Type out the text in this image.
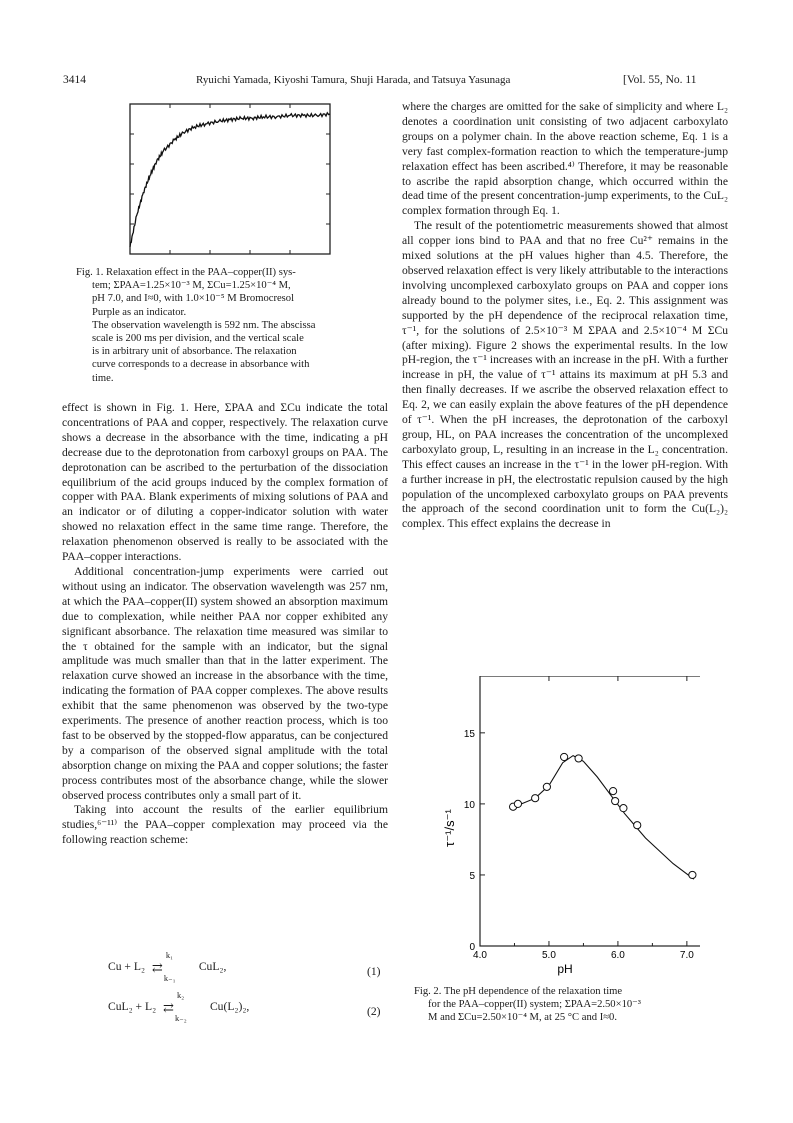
3414	Ryuichi Yamada, Kiyoshi Tamura, Shuji Harada, and Tatsuya Yasunaga	[Vol. 55, No. 11

Fig. 1. Relaxation effect in the PAA–copper(II) sys-

tem; ΣPAA=1.25×10⁻³ M, ΣCu=1.25×10⁻⁴ M,

pH 7.0, and I≈0, with 1.0×10⁻⁵ M Bromocresol

Purple as an indicator.

The observation wavelength is 592 nm. The abscissa

scale is 200 ms per division, and the vertical scale

is in arbitrary unit of absorbance. The relaxation

curve corresponds to a decrease in absorbance with

time.

effect is shown in Fig. 1. Here, ΣPAA and ΣCu indicate the total concentrations of PAA and copper, respectively. The relaxation curve shows a decrease in the absorbance with the time, indicating a pH decrease due to the deprotonation from carboxyl groups on PAA. The deprotonation can be ascribed to the perturbation of the dissociation equilibrium of the acid groups induced by the complex formation of copper with PAA. Blank experiments of mixing solutions of PAA and an indicator or of diluting a copper-indicator solution with water showed no relaxation effect in the same time range. Therefore, the relaxation phenomenon observed is really to be associated with the PAA–copper interactions.

Additional concentration-jump experiments were carried out without using an indicator. The observation wavelength was 257 nm, at which the PAA–copper(II) system showed an absorption maximum due to complexation, while neither PAA nor copper exhibited any significant absorbance. The relaxation time measured was similar to the τ obtained for the sample with an indicator, but the signal amplitude was much smaller than that in the latter experiment. The relaxation curve showed an increase in the absorbance with the time, indicating the formation of PAA copper complexes. The above results exhibit that the same phenomenon was observed by the two-type experiments. The presence of another reaction process, which is too fast to be observed by the stopped-flow apparatus, can be conjectured by a comparison of the observed signal amplitude with the total absorption change on mixing the PAA and copper solutions; the faster process contributes most of the absorbance change, while the slower observed process contributes only a small part of it.

Taking into account the results of the earlier equilibrium studies,⁶⁻¹¹⁾ the PAA–copper complexation may proceed via the following reaction scheme:

Cu + L₂
k₁
⇄
k₋₁
CuL₂,	(1)
CuL₂ + L₂
k₂
⇄
k₋₂
Cu(L₂)₂,	(2)

where the charges are omitted for the sake of simplicity and where L₂ denotes a coordination unit consisting of two adjacent carboxylato groups on a polymer chain. In the above reaction scheme, Eq. 1 is a very fast complex-formation reaction to which the temperature-jump relaxation effect has been ascribed.⁴⁾ Therefore, it may be reasonable to ascribe the rapid absorption change, which occurred within the dead time of the present concentration-jump experiments, to the CuL₂ complex formation through Eq. 1.

The result of the potentiometric measurements showed that almost all copper ions bind to PAA and that no free Cu²⁺ remains in the mixed solutions at the pH values higher than 4.5. Therefore, the observed relaxation effect is very likely attributable to the interactions involving uncomplexed carboxylato groups on PAA and copper ions already bound to the polymer sites, i.e., Eq. 2. This assignment was supported by the pH dependence of the reciprocal relaxation time, τ⁻¹, for the solutions of 2.5×10⁻³ M ΣPAA and 2.5×10⁻⁴ M ΣCu (after mixing). Figure 2 shows the experimental results. In the low pH-region, the τ⁻¹ increases with an increase in the pH. With a further increase in pH, the value of τ⁻¹ attains its maximum at pH 5.3 and then finally decreases. If we ascribe the observed relaxation effect to Eq. 2, we can easily explain the above features of the pH dependence of τ⁻¹. When the pH increases, the deprotonation of the carboxyl group, HL, on PAA increases the concentration of the uncomplexed carboxylato group, L, resulting in an increase in the L₂ concentration. This effect causes an increase in the τ⁻¹ in the lower pH-region. With a further increase in pH, the electrostatic repulsion caused by the high population of the uncomplexed carboxylato groups on PAA prevents the approach of the second coordination unit to form the Cu(L₂)₂ complex. This effect explains the decrease in

4.0	5.0	6.0	7.0
0
5
10
15
τ⁻¹/s⁻¹
pH

Fig. 2. The pH dependence of the relaxation time

for the PAA–copper(II) system; ΣPAA=2.50×10⁻³

M and ΣCu=2.50×10⁻⁴ M, at 25 °C and I≈0.
